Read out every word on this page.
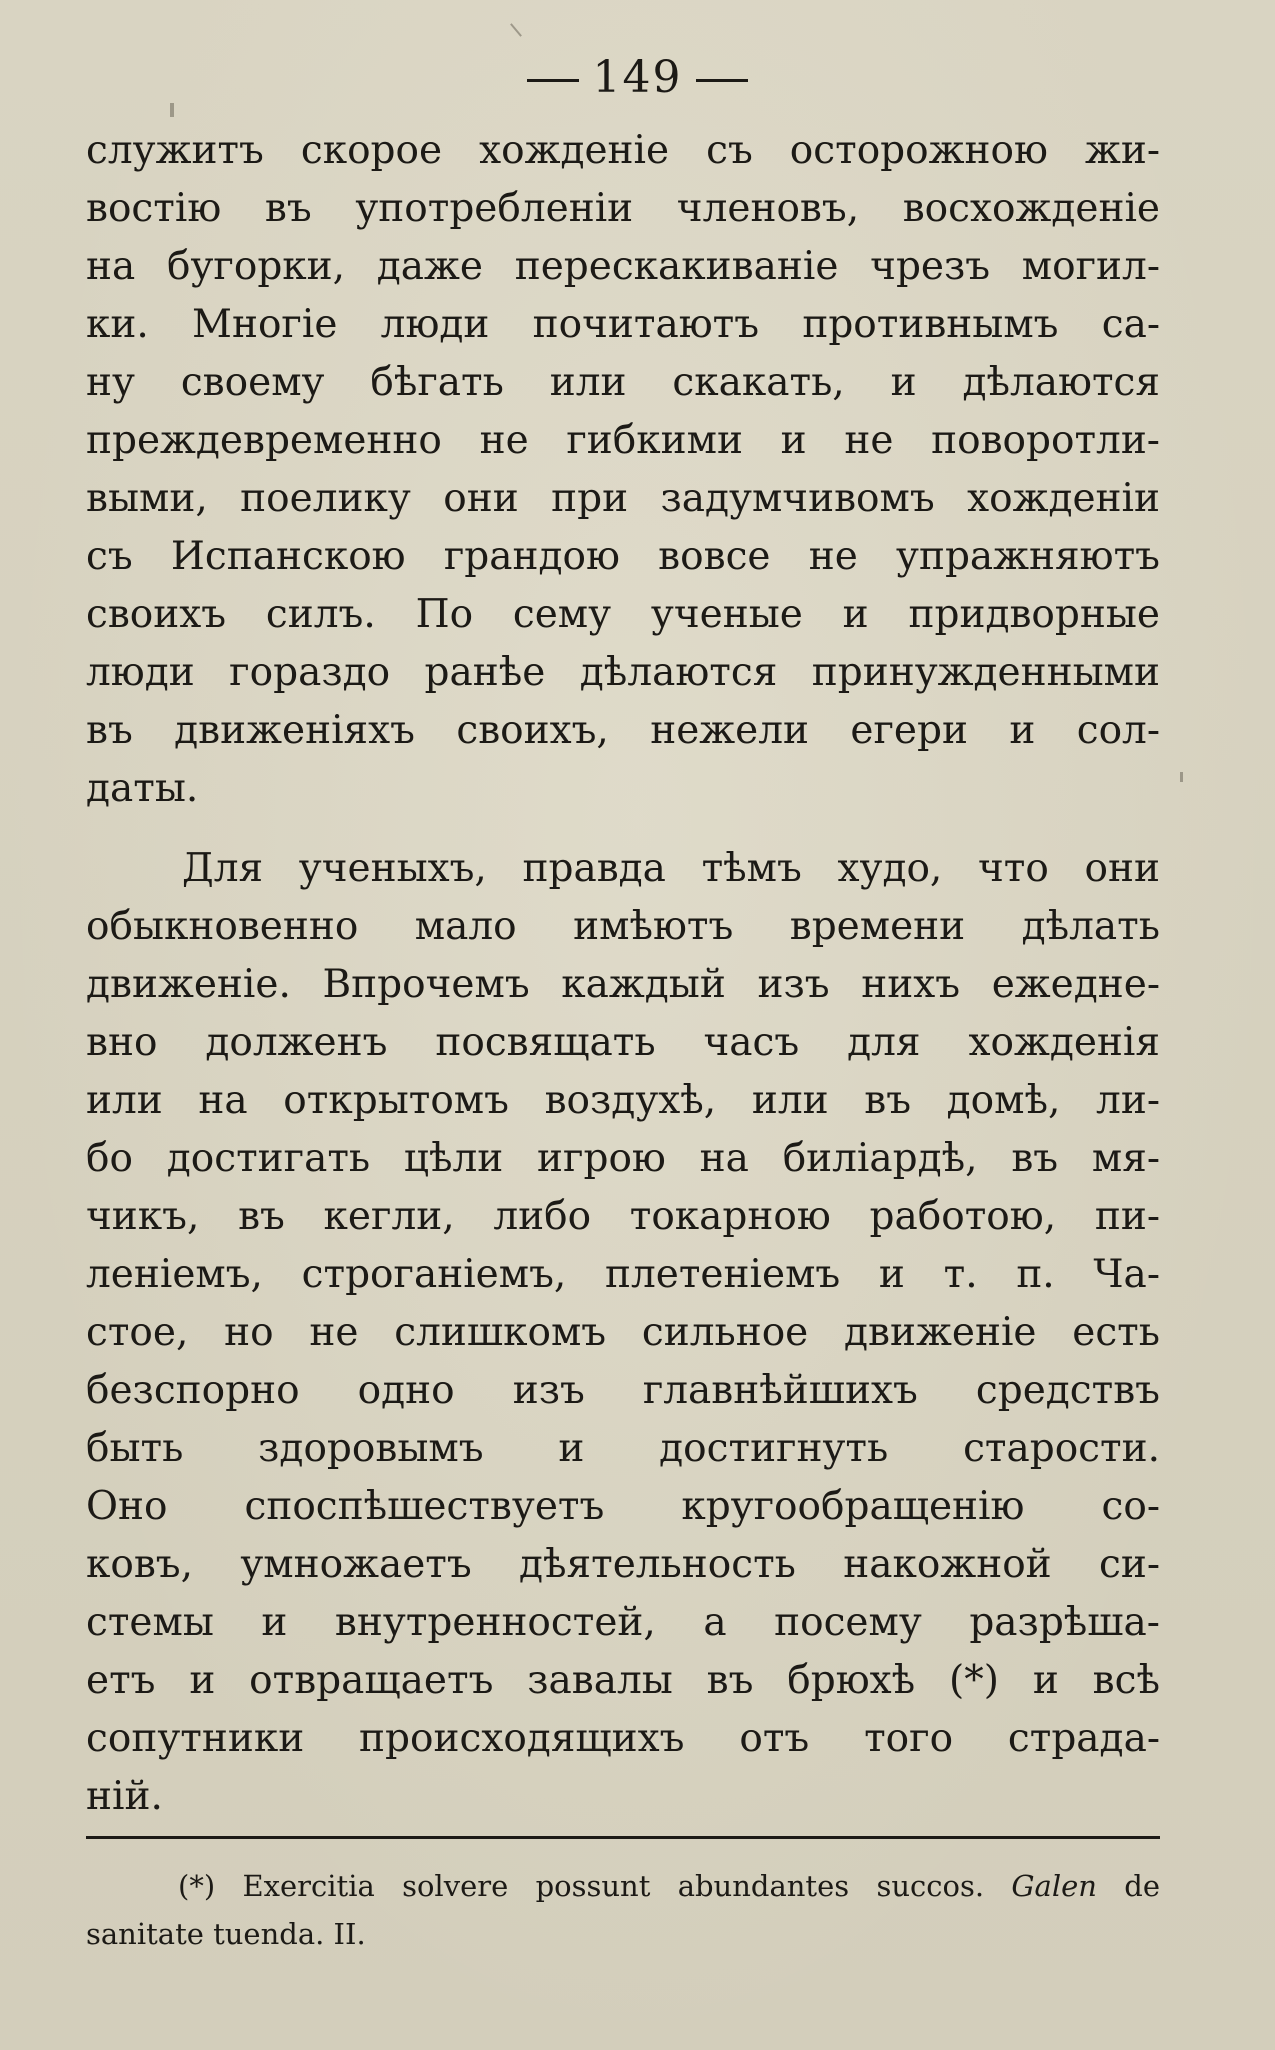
149
служитъ скорое хожденіе съ осторожною жи-
востію въ употребленіи членовъ, восхожденіе
на бугорки, даже перескакиваніе чрезъ могил-
ки. Многіе люди почитаютъ противнымъ са-
ну своему бѣгать или скакать, и дѣлаются
преждевременно не гибкими и не поворотли-
выми, поелику они при задумчивомъ хожденіи
съ Испанскою грандою вовсе не упражняютъ
своихъ силъ. По сему ученые и придворные
люди гораздо ранѣе дѣлаются принужденными
въ движеніяхъ своихъ, нежели егери и сол-
даты.
Для ученыхъ, правда тѣмъ худо, что они
обыкновенно мало имѣютъ времени дѣлать
движеніе. Впрочемъ каждый изъ нихъ ежедне-
вно долженъ посвящать часъ для хожденія
или на открытомъ воздухѣ, или въ домѣ, ли-
бо достигать цѣли игрою на биліардѣ, въ мя-
чикъ, въ кегли, либо токарною работою, пи-
леніемъ, строганіемъ, плетеніемъ и т. п. Ча-
стое, но не слишкомъ сильное движеніе есть
безспорно одно изъ главнѣйшихъ средствъ
быть здоровымъ и достигнуть старости.
Оно споспѣшествуетъ кругообращенію со-
ковъ, умножаетъ дѣятельность накожной си-
стемы и внутренностей, а посему разрѣша-
етъ и отвращаетъ завалы въ брюхѣ (*) и всѣ
сопутники происходящихъ отъ того страда-
ній.
(*) Exercitia solvere possunt abundantes succos. Galen de
sanitate tuenda. II.
